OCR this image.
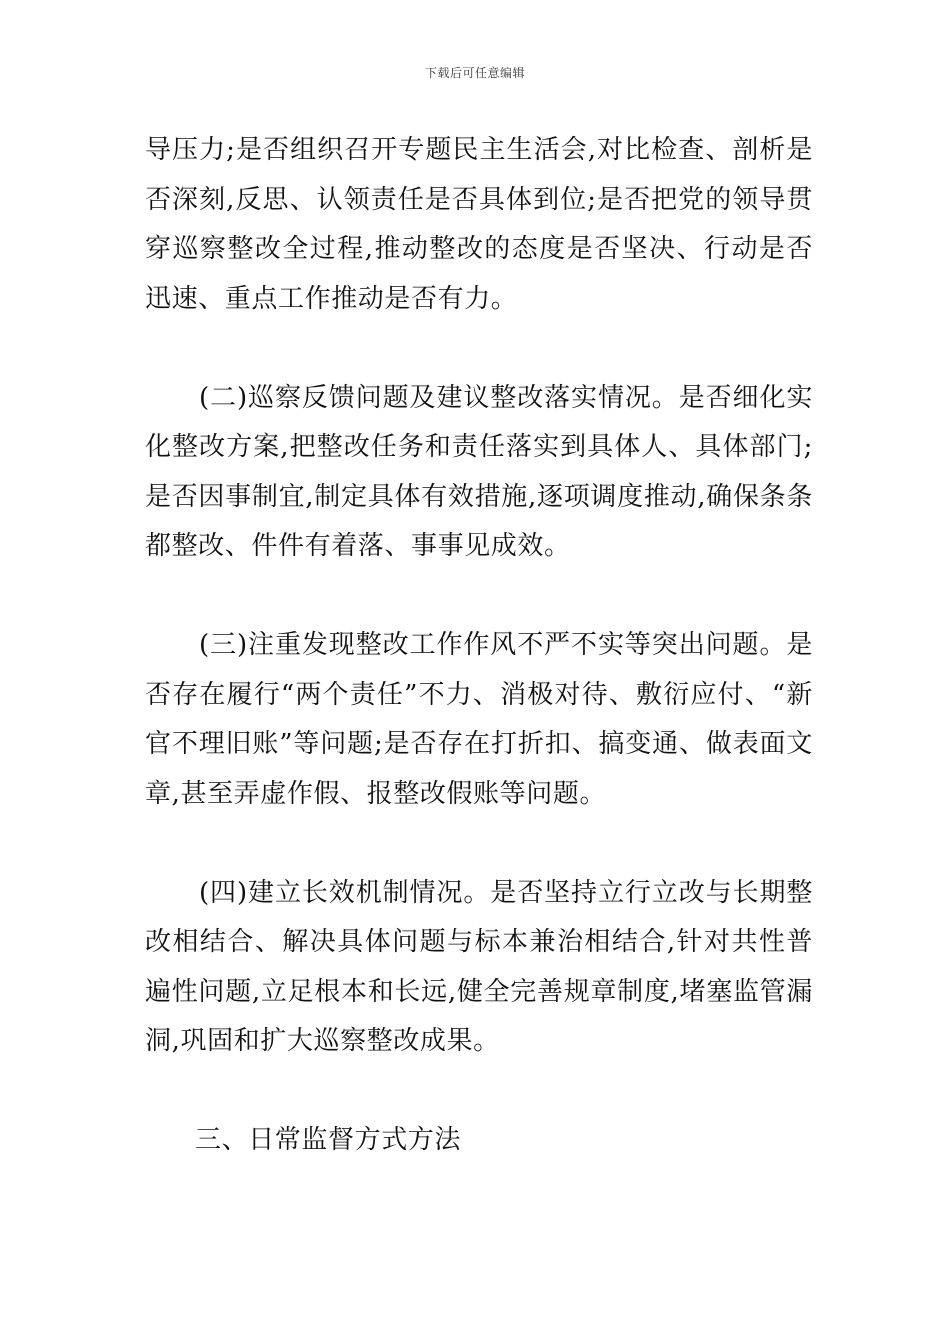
下载后可任意编辑

导压力;是否组织召开专题民主生活会,对比检查、剖析是否深刻,反思、认领责任是否具体到位;是否把党的领导贯穿巡察整改全过程,推动整改的态度是否坚决、行动是否迅速、重点工作推动是否有力。

(二)巡察反馈问题及建议整改落实情况。是否细化实化整改方案,把整改任务和责任落实到具体人、具体部门;是否因事制宜,制定具体有效措施,逐项调度推动,确保条条都整改、件件有着落、事事见成效。

(三)注重发现整改工作作风不严不实等突出问题。是否存在履行“两个责任”不力、消极对待、敷衍应付、“新官不理旧账”等问题;是否存在打折扣、搞变通、做表面文章,甚至弄虚作假、报整改假账等问题。

(四)建立长效机制情况。是否坚持立行立改与长期整改相结合、解决具体问题与标本兼治相结合,针对共性普遍性问题,立足根本和长远,健全完善规章制度,堵塞监管漏洞,巩固和扩大巡察整改成果。

三、日常监督方式方法
